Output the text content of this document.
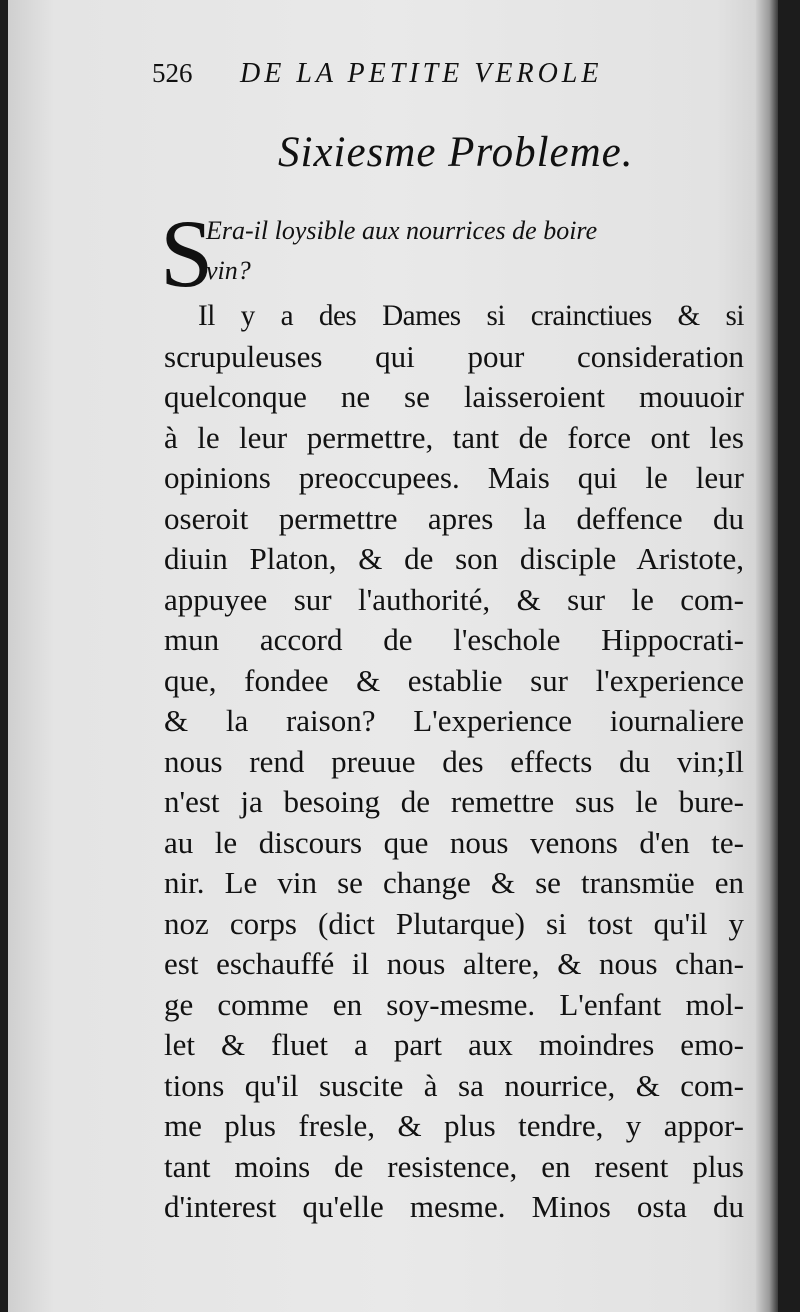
526 DE LA PETITE VEROLE
Sixiesme Probleme.
S
Era-il loysible aux nourrices de boire
vin?
Il y a des Dames si crainctiues & si
scrupuleuses qui pour consideration
quelconque ne se laisseroient mouuoir
à le leur permettre, tant de force ont les
opinions preoccupees. Mais qui le leur
oseroit permettre apres la deffence du
diuin Platon, & de son disciple Aristote,
appuyee sur l'authorité, & sur le com-
mun accord de l'eschole Hippocrati-
que, fondee & establie sur l'experience
& la raison? L'experience iournaliere
nous rend preuue des effects du vin;Il
n'est ja besoing de remettre sus le bure-
au le discours que nous venons d'en te-
nir. Le vin se change & se transmüe en
noz corps (dict Plutarque) si tost qu'il y
est eschauffé il nous altere, & nous chan-
ge comme en soy-mesme. L'enfant mol-
let & fluet a part aux moindres emo-
tions qu'il suscite à sa nourrice, & com-
me plus fresle, & plus tendre, y appor-
tant moins de resistence, en resent plus
d'interest qu'elle mesme. Minos osta du
